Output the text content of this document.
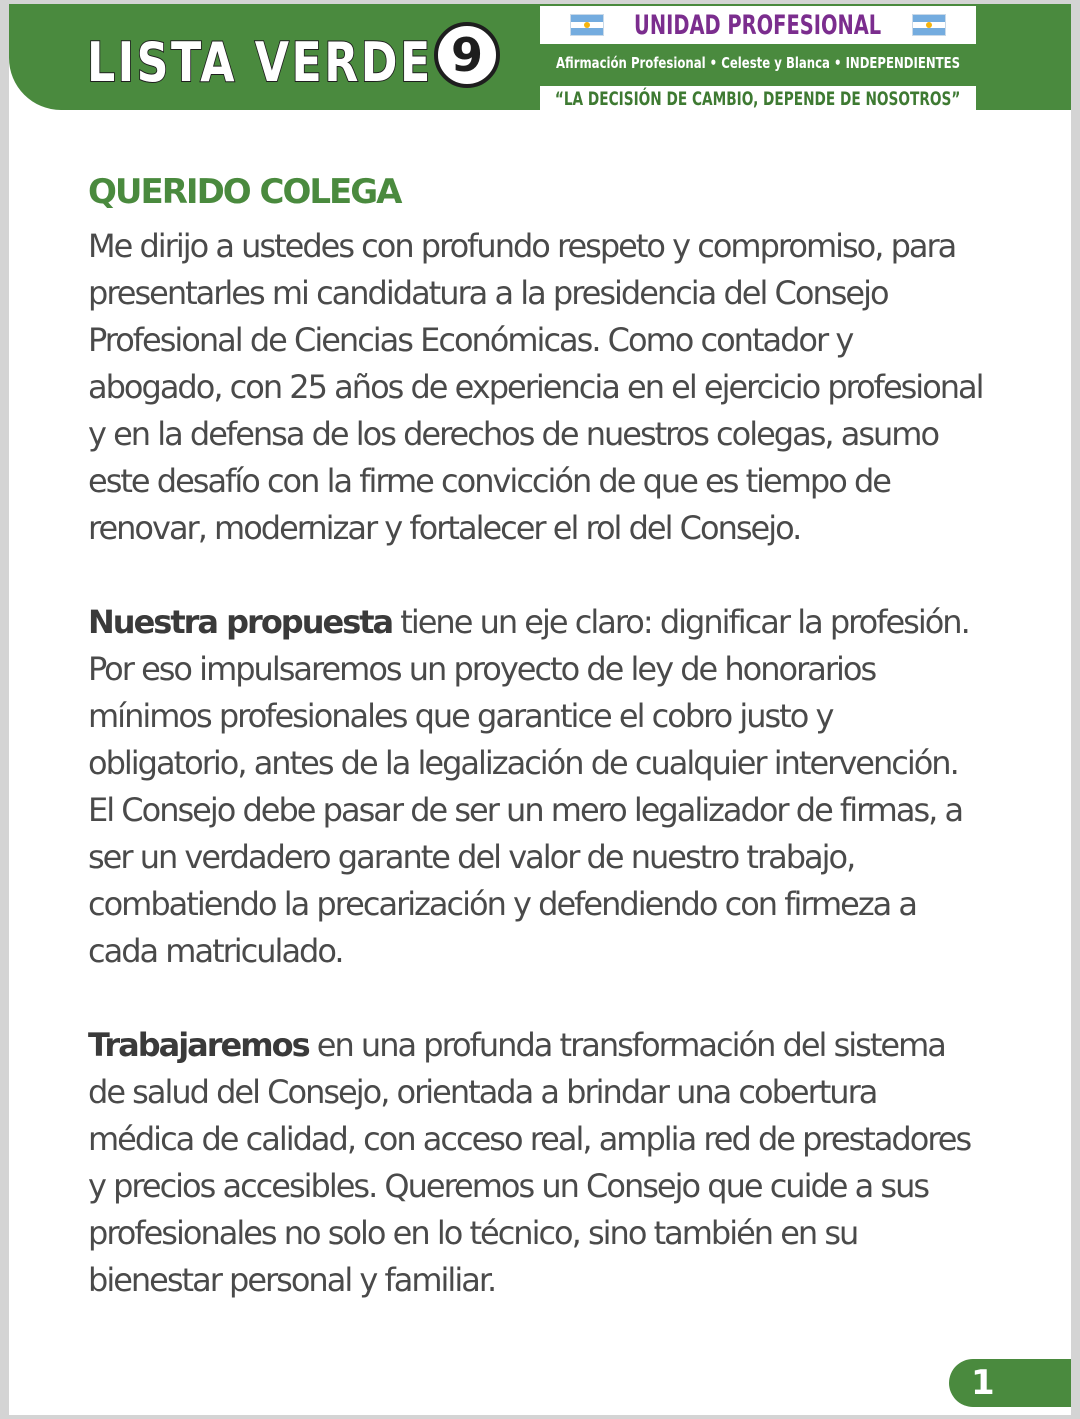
LISTA VERDE 9
UNIDAD PROFESIONAL
Afirmación Profesional • Celeste y Blanca • INDEPENDIENTES
“LA DECISIÓN DE CAMBIO, DEPENDE DE NOSOTROS”
QUERIDO COLEGA

Me dirijo a ustedes con profundo respeto y compromiso, para presentarles mi candidatura a la presidencia del Consejo Profesional de Ciencias Económicas. Como contador y abogado, con 25 años de experiencia en el ejercicio profesional y en la defensa de los derechos de nuestros colegas, asumo este desafío con la firme convicción de que es tiempo de renovar, modernizar y fortalecer el rol del Consejo.

Nuestra propuesta tiene un eje claro: dignificar la profesión. Por eso impulsaremos un proyecto de ley de honorarios mínimos profesionales que garantice el cobro justo y obligatorio, antes de la legalización de cualquier intervención. El Consejo debe pasar de ser un mero legalizador de firmas, a ser un verdadero garante del valor de nuestro trabajo, combatiendo la precarización y defendiendo con firmeza a cada matriculado.

Trabajaremos en una profunda transformación del sistema de salud del Consejo, orientada a brindar una cobertura médica de calidad, con acceso real, amplia red de prestadores y precios accesibles. Queremos un Consejo que cuide a sus profesionales no solo en lo técnico, sino también en su bienestar personal y familiar.

1
